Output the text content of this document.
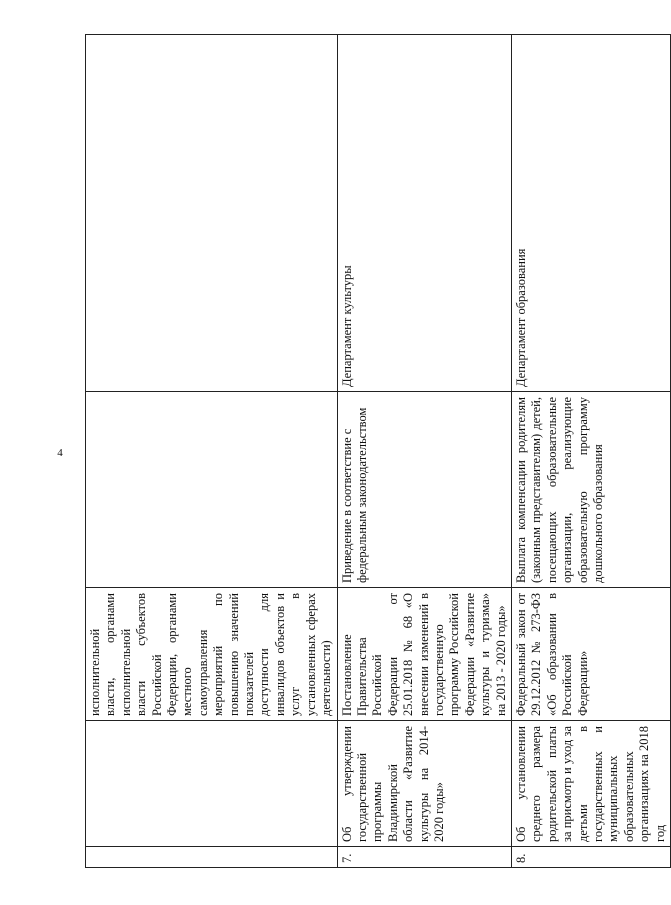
4
		исполнительной власти, органами исполнительной власти субъектов Российской Федерации, органами местного самоуправления мероприятий по повышению значений показателей доступности для инвалидов объектов и услуг в установленных сферах деятельности)		
7.	Об утверждении государственной программы Владимирской области «Развитие культуры на 2014-2020 годы»	Постановление Правительства Российской Федерации от 25.01.2018 № 68 «О внесении изменений в государственную программу Российской Федерации «Развитие культуры и туризма» на 2013 - 2020 годы»	Приведение в соответствие с федеральным законодательством	Департамент культуры
8.	Об установлении среднего размера родительской платы за присмотр и уход за детьми в государственных и муниципальных образовательных организациях на 2018 год	Федеральный закон от 29.12.2012 № 273-ФЗ «Об образовании в Российской Федерации»	Выплата компенсации родителям (законным представителям) детей, посещающих образовательные организации, реализующие образовательную программу дошкольного образования	Департамент образования
